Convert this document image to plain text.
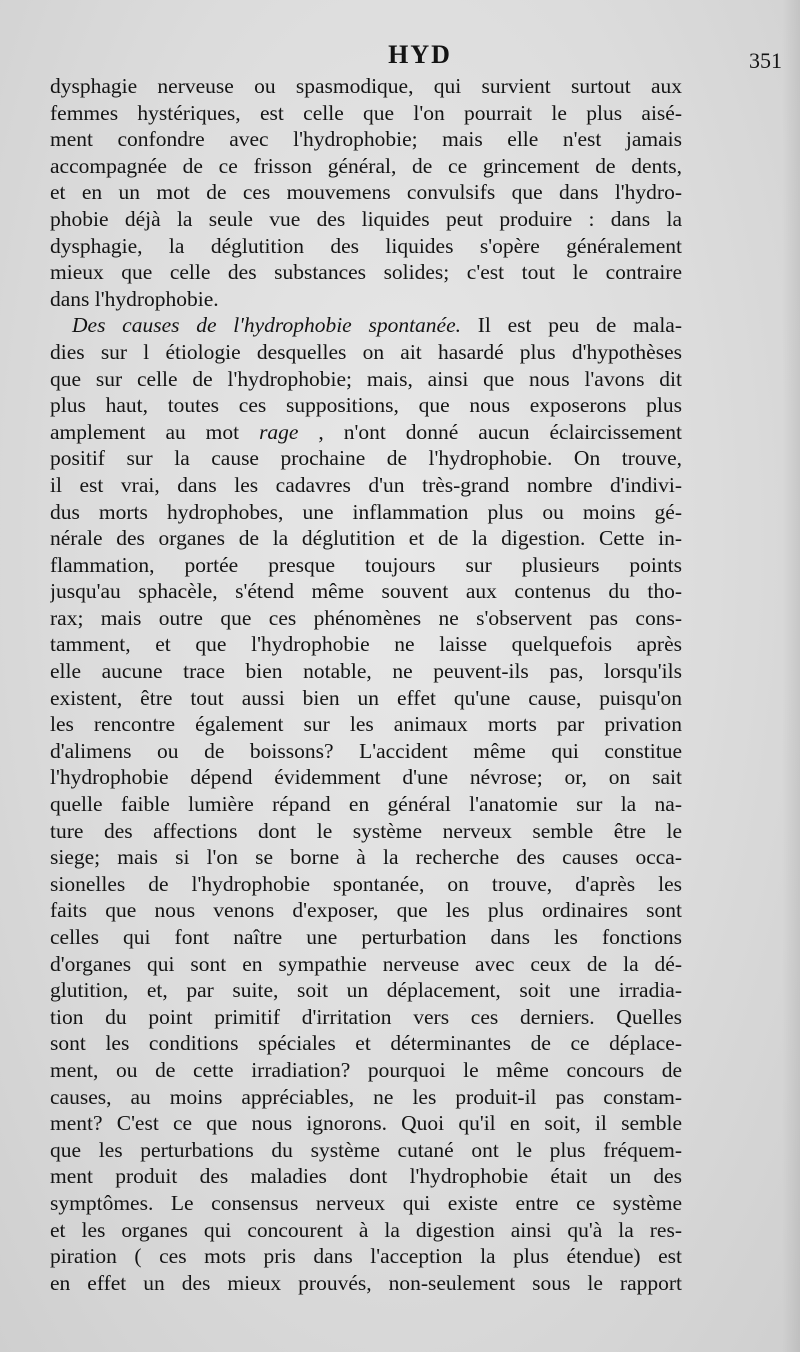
HYD	351
dysphagie nerveuse ou spasmodique, qui survient surtout aux
femmes hystériques, est celle que l'on pourrait le plus aisé-
ment confondre avec l'hydrophobie; mais elle n'est jamais
accompagnée de ce frisson général, de ce grincement de dents,
et en un mot de ces mouvemens convulsifs que dans l'hydro-
phobie déjà la seule vue des liquides peut produire : dans la
dysphagie, la déglutition des liquides s'opère généralement
mieux que celle des substances solides; c'est tout le contraire
dans l'hydrophobie.
Des causes de l'hydrophobie spontanée. Il est peu de mala-
dies sur l étiologie desquelles on ait hasardé plus d'hypothèses
que sur celle de l'hydrophobie; mais, ainsi que nous l'avons dit
plus haut, toutes ces suppositions, que nous exposerons plus
amplement au mot rage , n'ont donné aucun éclaircissement
positif sur la cause prochaine de l'hydrophobie. On trouve,
il est vrai, dans les cadavres d'un très-grand nombre d'indivi-
dus morts hydrophobes, une inflammation plus ou moins gé-
nérale des organes de la déglutition et de la digestion. Cette in-
flammation, portée presque toujours sur plusieurs points
jusqu'au sphacèle, s'étend même souvent aux contenus du tho-
rax; mais outre que ces phénomènes ne s'observent pas cons-
tamment, et que l'hydrophobie ne laisse quelquefois après
elle aucune trace bien notable, ne peuvent-ils pas, lorsqu'ils
existent, être tout aussi bien un effet qu'une cause, puisqu'on
les rencontre également sur les animaux morts par privation
d'alimens ou de boissons? L'accident même qui constitue
l'hydrophobie dépend évidemment d'une névrose; or, on sait
quelle faible lumière répand en général l'anatomie sur la na-
ture des affections dont le système nerveux semble être le
siege; mais si l'on se borne à la recherche des causes occa-
sionelles de l'hydrophobie spontanée, on trouve, d'après les
faits que nous venons d'exposer, que les plus ordinaires sont
celles qui font naître une perturbation dans les fonctions
d'organes qui sont en sympathie nerveuse avec ceux de la dé-
glutition, et, par suite, soit un déplacement, soit une irradia-
tion du point primitif d'irritation vers ces derniers. Quelles
sont les conditions spéciales et déterminantes de ce déplace-
ment, ou de cette irradiation? pourquoi le même concours de
causes, au moins appréciables, ne les produit-il pas constam-
ment? C'est ce que nous ignorons. Quoi qu'il en soit, il semble
que les perturbations du système cutané ont le plus fréquem-
ment produit des maladies dont l'hydrophobie était un des
symptômes. Le consensus nerveux qui existe entre ce système
et les organes qui concourent à la digestion ainsi qu'à la res-
piration ( ces mots pris dans l'acception la plus étendue) est
en effet un des mieux prouvés, non-seulement sous le rapport
